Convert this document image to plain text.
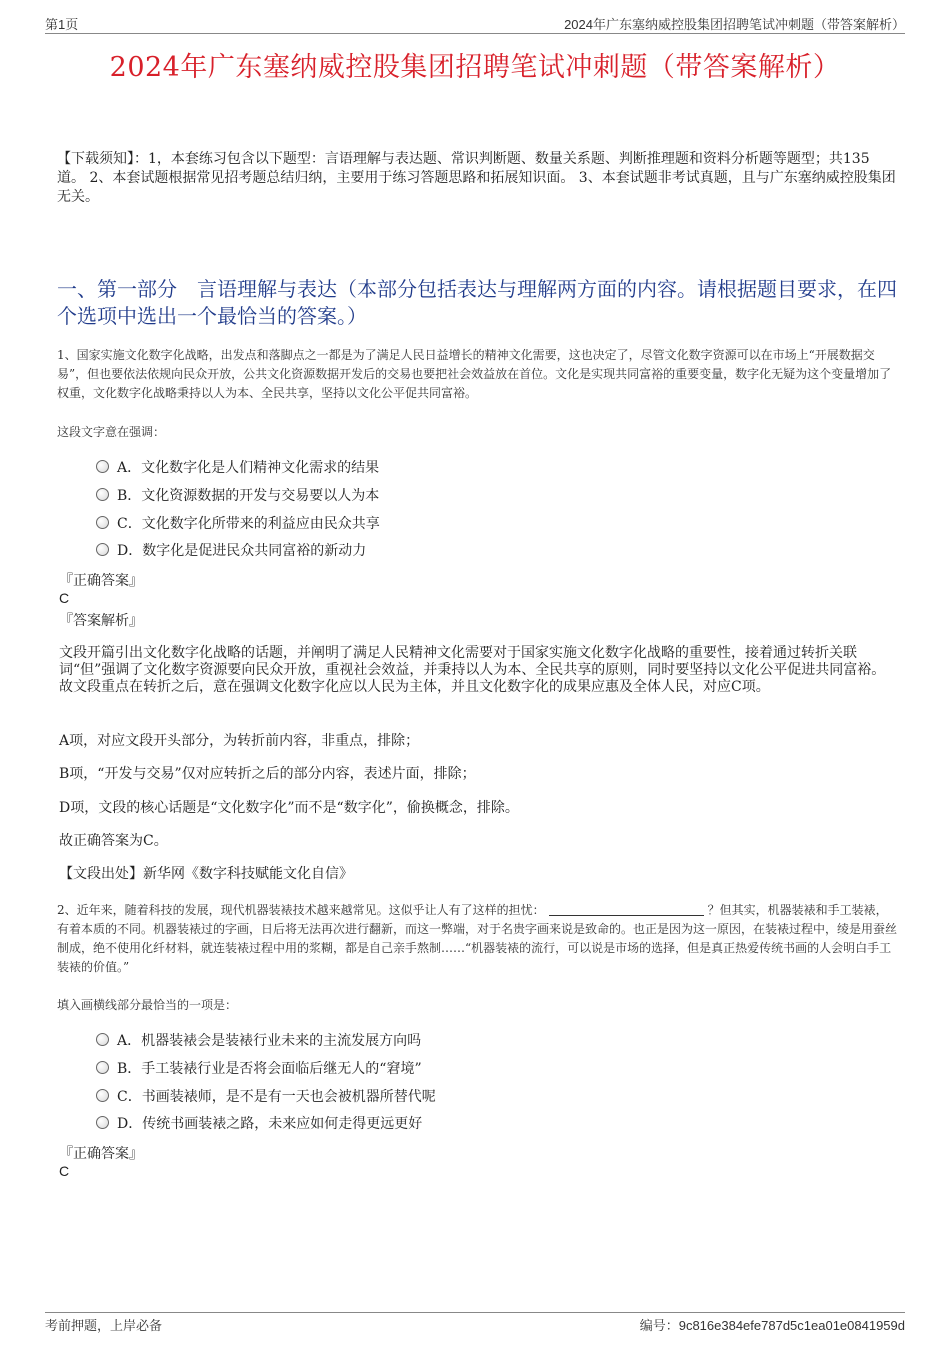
第1页	2024年广东塞纳威控股集团招聘笔试冲刺题（带答案解析）
2024年广东塞纳威控股集团招聘笔试冲刺题（带答案解析）
【下载须知】：1，本套练习包含以下题型：言语理解与表达题、常识判断题、数量关系题、判断推理题和资料分析题等题型；共135道。 2、本套试题根据常见招考题总结归纳，主要用于练习答题思路和拓展知识面。 3、本套试题非考试真题，且与广东塞纳威控股集团无关。
一、第一部分　言语理解与表达（本部分包括表达与理解两方面的内容。请根据题目要求，在四个选项中选出一个最恰当的答案。）
1、国家实施文化数字化战略，出发点和落脚点之一都是为了满足人民日益增长的精神文化需要，这也决定了，尽管文化数字资源可以在市场上“开展数据交易”，但也要依法依规向民众开放，公共文化资源数据开发后的交易也要把社会效益放在首位。文化是实现共同富裕的重要变量，数字化无疑为这个变量增加了权重，文化数字化战略秉持以人为本、全民共享，坚持以文化公平促共同富裕。
这段文字意在强调：
A．文化数字化是人们精神文化需求的结果
B．文化资源数据的开发与交易要以人为本
C．文化数字化所带来的利益应由民众共享
D．数字化是促进民众共同富裕的新动力
『正确答案』
C
『答案解析』
文段开篇引出文化数字化战略的话题，并阐明了满足人民精神文化需要对于国家实施文化数字化战略的重要性，接着通过转折关联词“但”强调了文化数字资源要向民众开放，重视社会效益，并秉持以人为本、全民共享的原则，同时要坚持以文化公平促进共同富裕。故文段重点在转折之后，意在强调文化数字化应以人民为主体，并且文化数字化的成果应惠及全体人民，对应C项。
A项，对应文段开头部分，为转折前内容，非重点，排除；
B项，“开发与交易”仅对应转折之后的部分内容，表述片面，排除；
D项，文段的核心话题是“文化数字化”而不是“数字化”，偷换概念，排除。
故正确答案为C。
【文段出处】新华网《数字科技赋能文化自信》
2、近年来，随着科技的发展，现代机器装裱技术越来越常见。这似乎让人有了这样的担忧：	？但其实，机器装裱和手工装裱，有着本质的不同。机器装裱过的字画，日后将无法再次进行翻新，而这一弊端，对于名贵字画来说是致命的。也正是因为这一原因，在装裱过程中，绫是用蚕丝制成，绝不使用化纤材料，就连装裱过程中用的浆糊，都是自己亲手熬制……“机器装裱的流行，可以说是市场的选择，但是真正热爱传统书画的人会明白手工装裱的价值。”
填入画横线部分最恰当的一项是：
A．机器装裱会是装裱行业未来的主流发展方向吗
B．手工装裱行业是否将会面临后继无人的“窘境”
C．书画装裱师，是不是有一天也会被机器所替代呢
D．传统书画装裱之路，未来应如何走得更远更好
『正确答案』
C
考前押题，上岸必备	编号：9c816e384efe787d5c1ea01e0841959d
